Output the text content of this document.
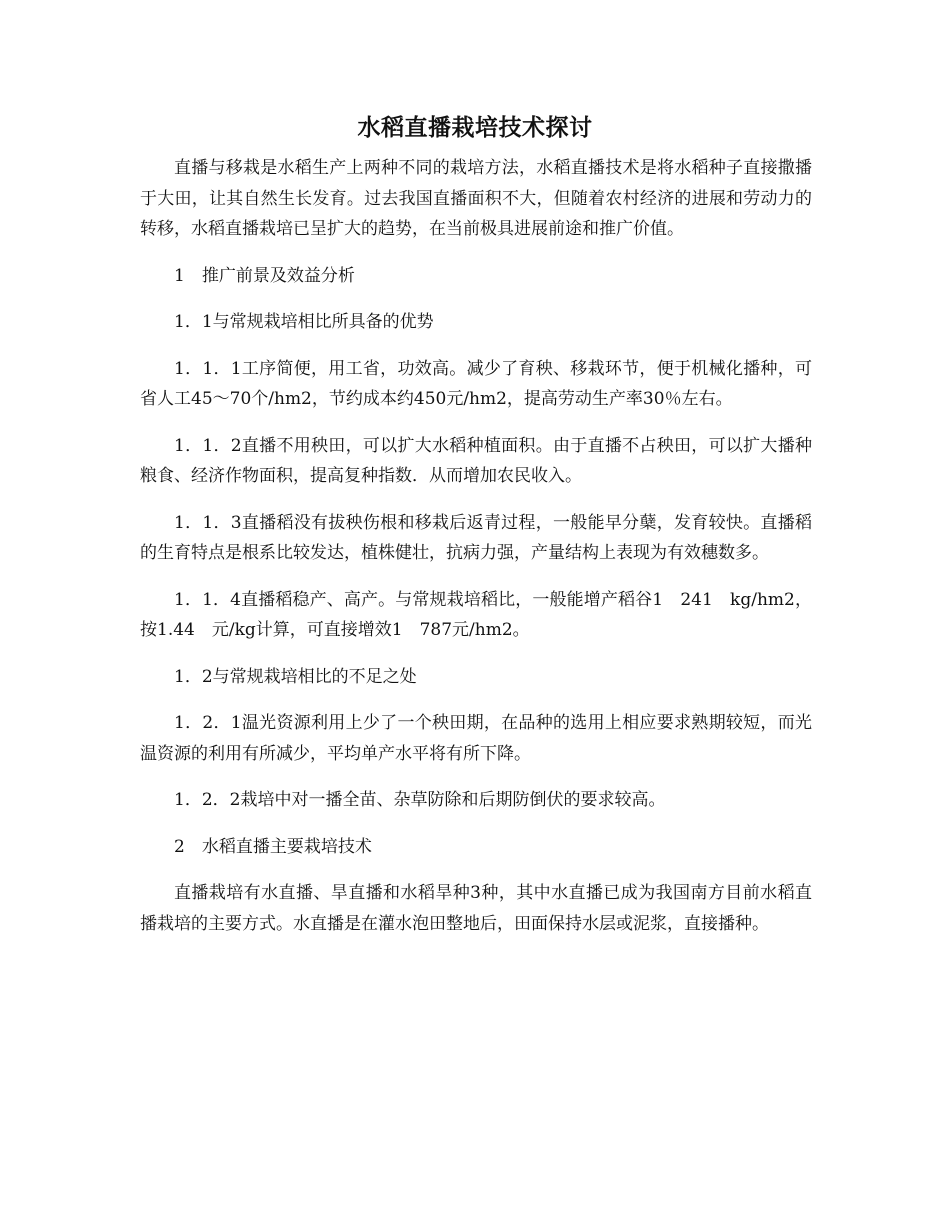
水稻直播栽培技术探讨

直播与移栽是水稻生产上两种不同的栽培方法，水稻直播技术是将水稻种子直接撒播于大田，让其自然生长发育。过去我国直播面积不大，但随着农村经济的进展和劳动力的转移，水稻直播栽培已呈扩大的趋势，在当前极具进展前途和推广价值。

1　推广前景及效益分析

1．1与常规栽培相比所具备的优势

1．1．1工序简便，用工省，功效高。减少了育秧、移栽环节，便于机械化播种，可省人工45～70个/hm2，节约成本约450元/hm2，提高劳动生产率30％左右。

1．1．2直播不用秧田，可以扩大水稻种植面积。由于直播不占秧田，可以扩大播种粮食、经济作物面积，提高复种指数．从而增加农民收入。

1．1．3直播稻没有拔秧伤根和移栽后返青过程，一般能早分蘖，发育较快。直播稻的生育特点是根系比较发达，植株健壮，抗病力强，产量结构上表现为有效穗数多。

1．1．4直播稻稳产、高产。与常规栽培稻比，一般能增产稻谷1　241　kg/hm2，按1.44　元/kg计算，可直接增效1　787元/hm2。

1．2与常规栽培相比的不足之处

1．2．1温光资源利用上少了一个秧田期，在品种的选用上相应要求熟期较短，而光温资源的利用有所减少，平均单产水平将有所下降。

1．2．2栽培中对一播全苗、杂草防除和后期防倒伏的要求较高。

2　水稻直播主要栽培技术

直播栽培有水直播、旱直播和水稻旱种3种，其中水直播已成为我国南方目前水稻直播栽培的主要方式。水直播是在灌水泡田整地后，田面保持水层或泥浆，直接播种。
